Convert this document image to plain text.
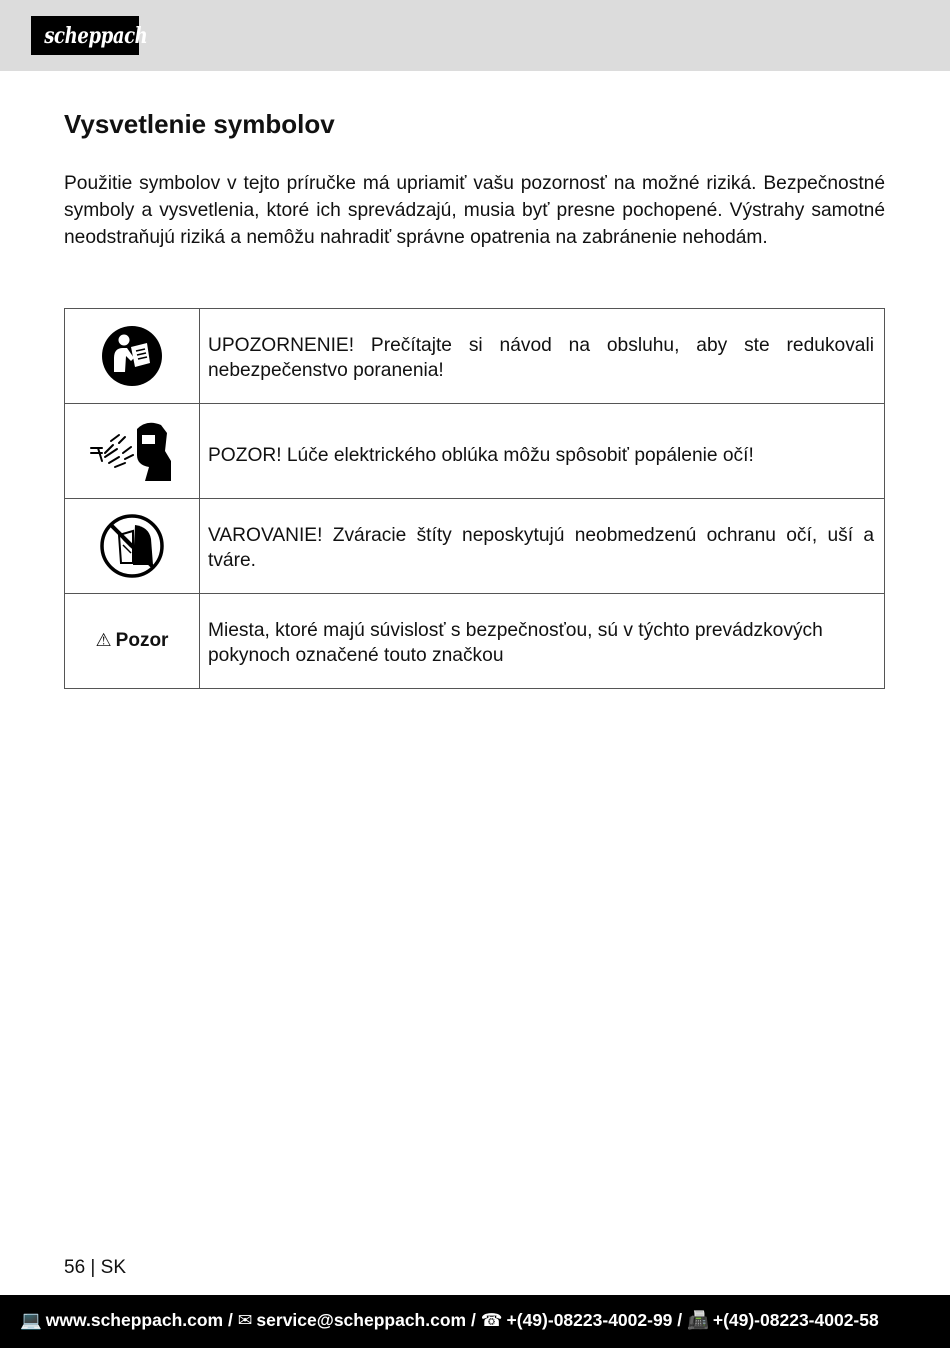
scheppach
Vysvetlenie symbolov

Použitie symbolov v tejto príručke má upriamiť vašu pozornosť na možné riziká. Bezpečnostné symboly a vysvetlenia, ktoré ich sprevádzajú, musia byť presne pochopené. Výstrahy samotné neodstraňujú riziká a nemôžu nahradiť správne opatrenia na zabránenie nehodám.

UPOZORNENIE! Prečítajte si návod na obsluhu, aby ste redukovali nebezpečenstvo poranenia!

POZOR! Lúče elektrického oblúka môžu spôsobiť popálenie očí!

VAROVANIE! Zváracie štíty neposkytujú neobmedzenú ochranu očí, uší a tváre.

⚠ Pozor	Miesta, ktoré majú súvislosť s bezpečnosťou, sú v týchto prevádzkových pokynoch označené touto značkou

56 | SK
💻 www.scheppach.com / ✉ service@scheppach.com / ☎ +(49)-08223-4002-99 / 📠 +(49)-08223-4002-58
